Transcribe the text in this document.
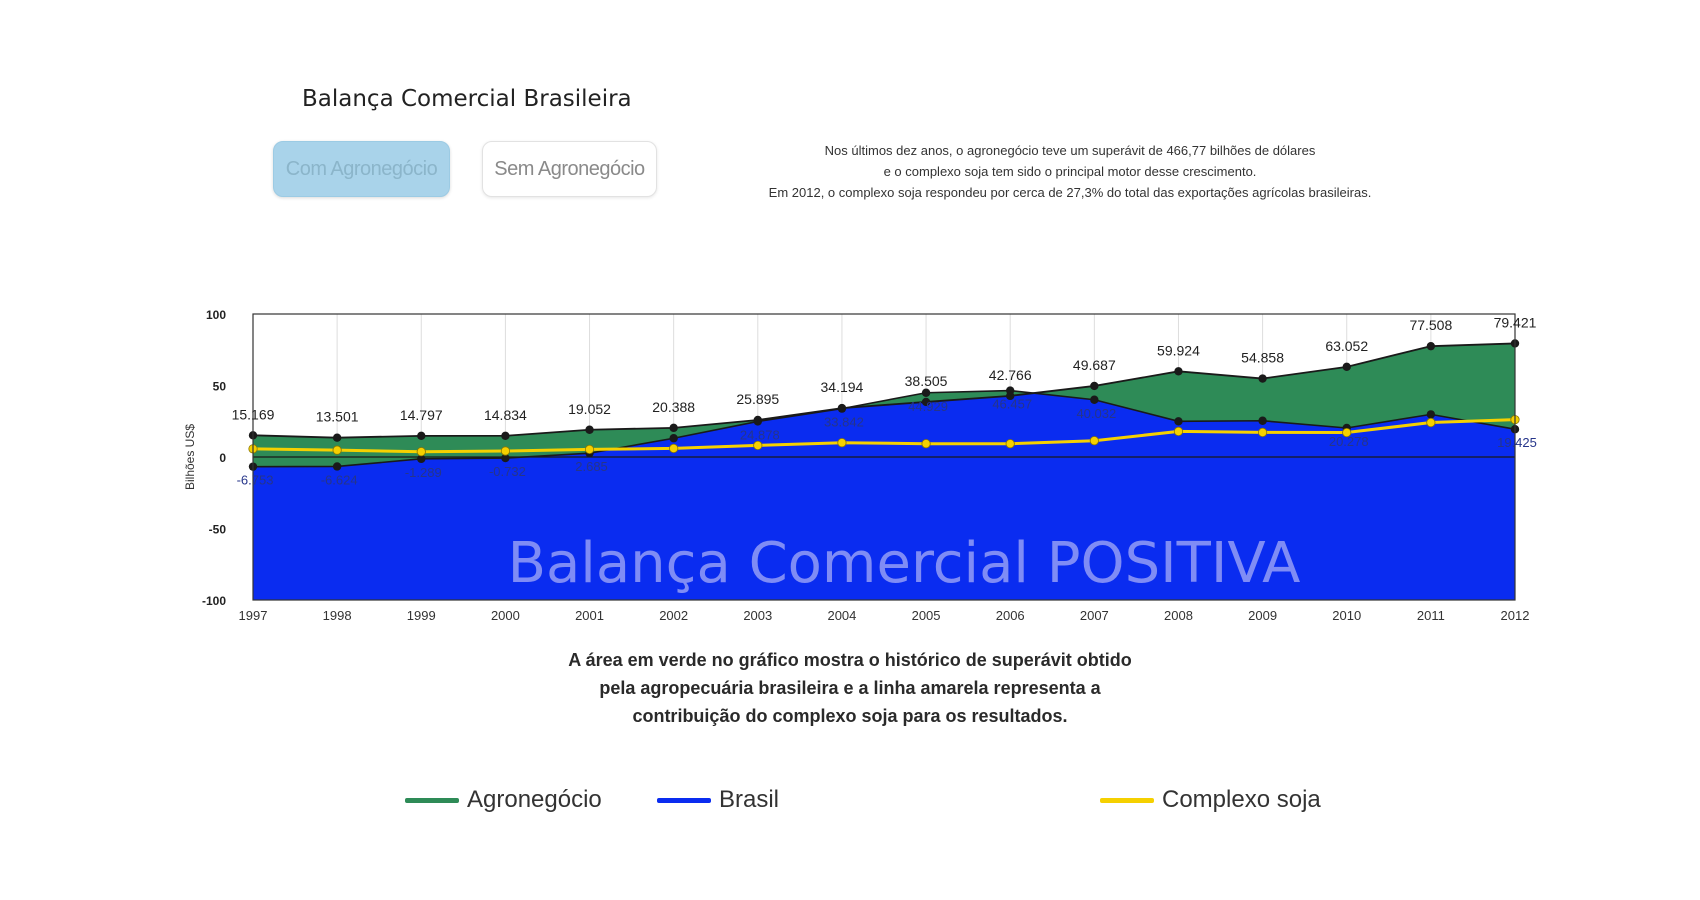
Balança Comercial Brasileira
Com Agronegócio	Sem Agronegócio
Nos últimos dez anos, o agronegócio teve um superávit de 466,77 bilhões de dólares
e o complexo soja tem sido o principal motor desse crescimento.
Em 2012, o complexo soja respondeu por cerca de 27,3% do total das exportações agrícolas brasileiras.
Balança Comercial POSITIVA
100
50
0
-50
-100
Bilhões US$
1997	1998	1999	2000	2001	2002	2003	2004	2005	2006	2007	2008	2009	2010	2011	2012
15.169	13.501	14.797	14.834	19.052	20.388	25.895
34.194	38.505	42.766
49.687
59.924	54.858
63.052
77.508	79.421
-6.753	-6.624
-1.289	-0.732	2.685
24.878
33.842
44.929	46.457
40.032
20.278	19.425
A área em verde no gráfico mostra o histórico de superávit obtido
pela agropecuária brasileira e a linha amarela representa a
contribuição do complexo soja para os resultados.
Agronegócio	Brasil	Complexo soja
